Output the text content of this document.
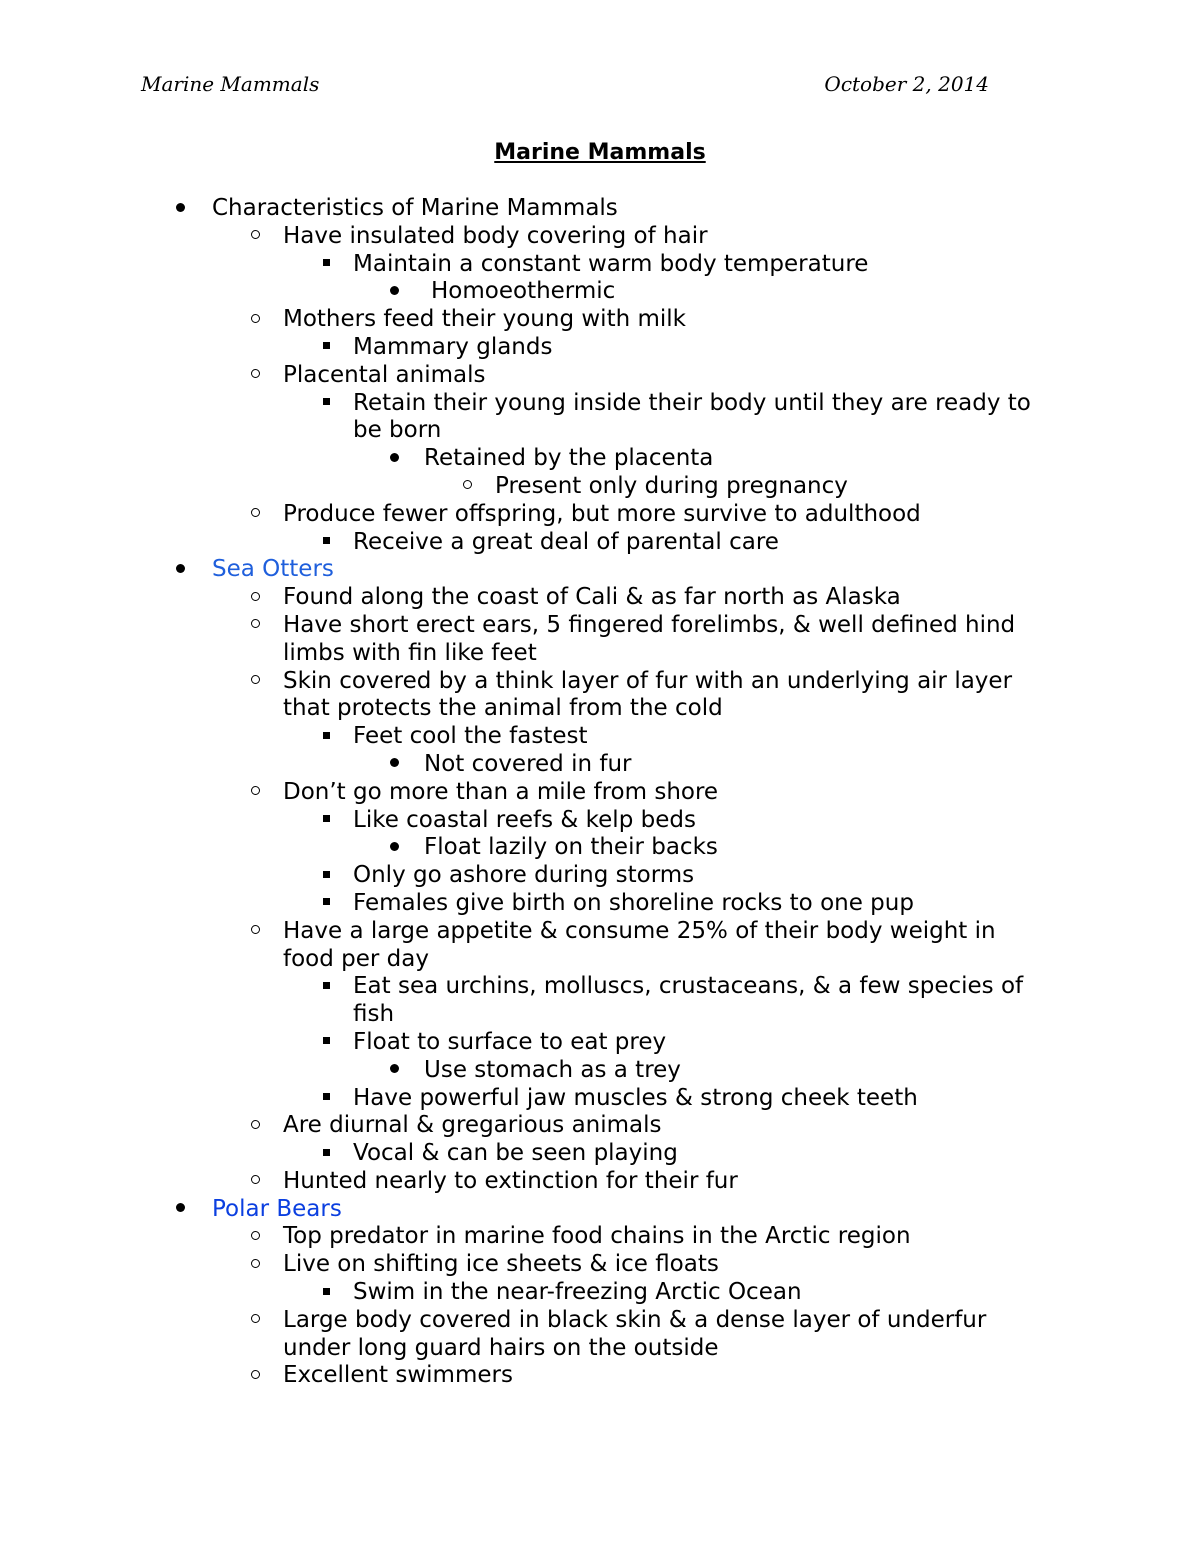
Marine Mammals	October 2, 2014
Marine Mammals
Characteristics of Marine Mammals
Have insulated body covering of hair
Maintain a constant warm body temperature
Homoeothermic
Mothers feed their young with milk
Mammary glands
Placental animals
Retain their young inside their body until they are ready to be born
Retained by the placenta
Present only during pregnancy
Produce fewer offspring, but more survive to adulthood
Receive a great deal of parental care
Sea Otters
Found along the coast of Cali & as far north as Alaska
Have short erect ears, 5 fingered forelimbs, & well defined hind limbs with fin like feet
Skin covered by a think layer of fur with an underlying air layer that protects the animal from the cold
Feet cool the fastest
Not covered in fur
Don’t go more than a mile from shore
Like coastal reefs & kelp beds
Float lazily on their backs
Only go ashore during storms
Females give birth on shoreline rocks to one pup
Have a large appetite & consume 25% of their body weight in food per day
Eat sea urchins, molluscs, crustaceans, & a few species of fish
Float to surface to eat prey
Use stomach as a trey
Have powerful jaw muscles & strong cheek teeth
Are diurnal & gregarious animals
Vocal & can be seen playing
Hunted nearly to extinction for their fur
Polar Bears
Top predator in marine food chains in the Arctic region
Live on shifting ice sheets & ice floats
Swim in the near-freezing Arctic Ocean
Large body covered in black skin & a dense layer of underfur under long guard hairs on the outside
Excellent swimmers
